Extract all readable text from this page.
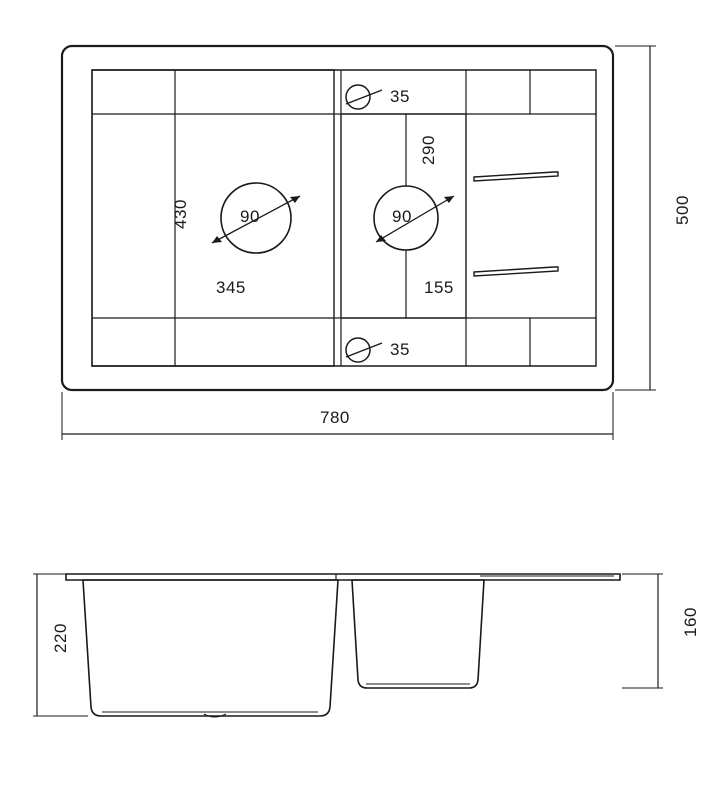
35
35
290
430	90	90
345	155
780
500
220
160
